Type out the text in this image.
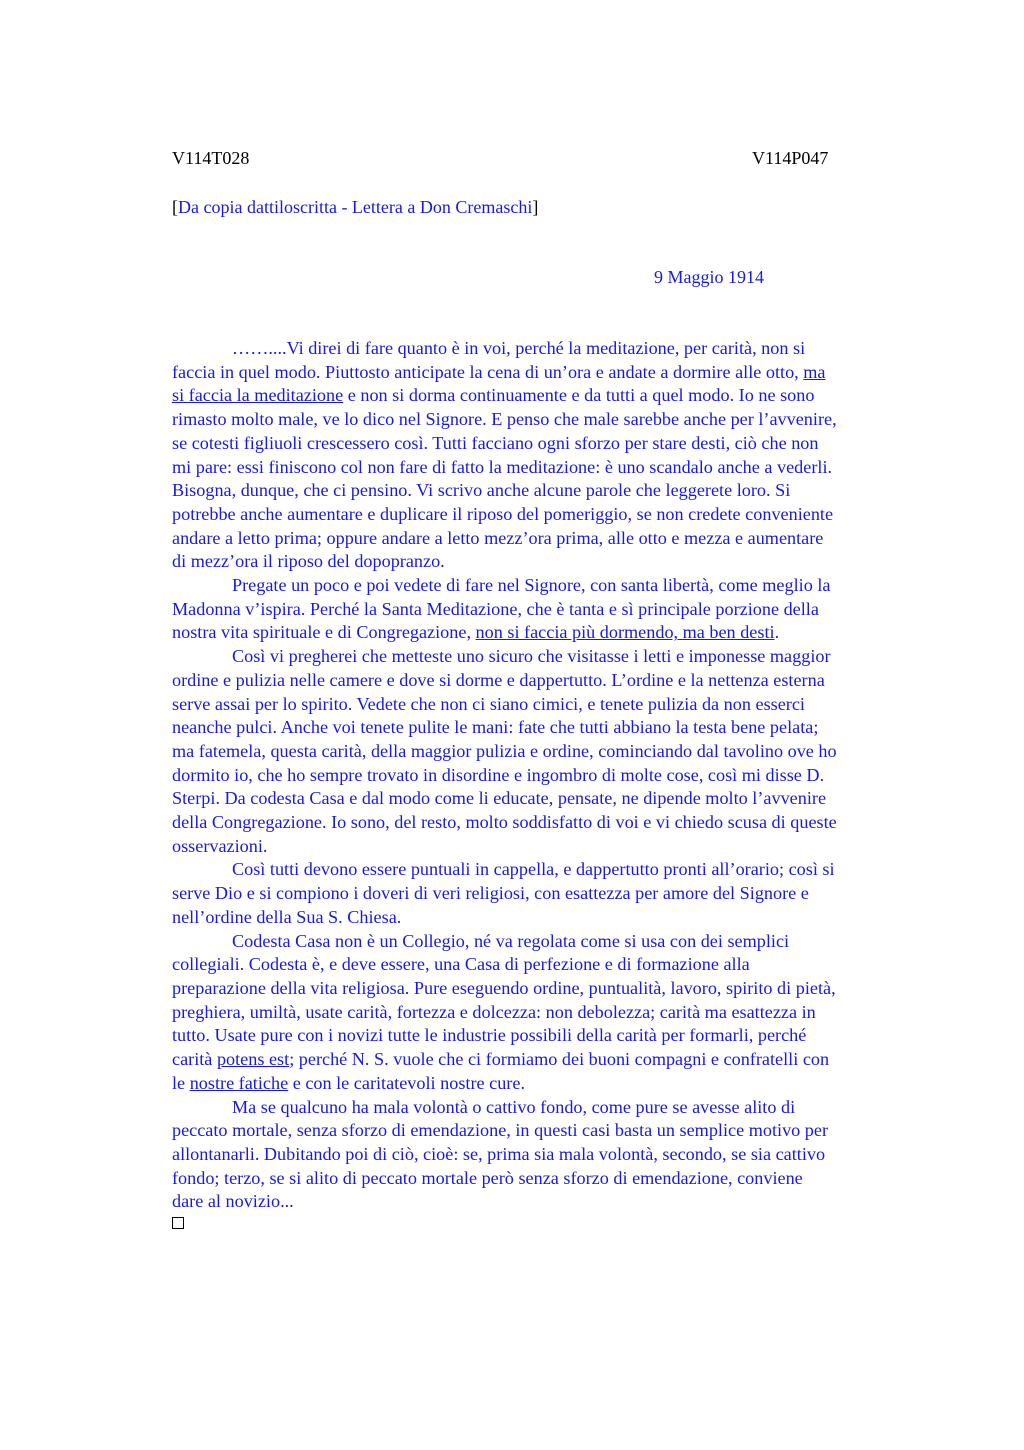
V114T028	V114P047
[Da copia dattiloscritta - Lettera a Don Cremaschi]
9 Maggio 1914
……....Vi direi di fare quanto è in voi, perché la meditazione, per carità, non si
faccia in quel modo. Piuttosto anticipate la cena di un’ora e andate a dormire alle otto, ma
si faccia la meditazione e non si dorma continuamente e da tutti a quel modo. Io ne sono
rimasto molto male, ve lo dico nel Signore. E penso che male sarebbe anche per l’avvenire,
se cotesti figliuoli crescessero così. Tutti facciano ogni sforzo per stare desti, ciò che non
mi pare: essi finiscono col non fare di fatto la meditazione: è uno scandalo anche a vederli.
Bisogna, dunque, che ci pensino. Vi scrivo anche alcune parole che leggerete loro. Si
potrebbe anche aumentare e duplicare il riposo del pomeriggio, se non credete conveniente
andare a letto prima; oppure andare a letto mezz’ora prima, alle otto e mezza e aumentare
di mezz’ora il riposo del dopopranzo.
Pregate un poco e poi vedete di fare nel Signore, con santa libertà, come meglio la
Madonna v’ispira. Perché la Santa Meditazione, che è tanta e sì principale porzione della
nostra vita spirituale e di Congregazione, non si faccia più dormendo, ma ben desti.
Così vi pregherei che metteste uno sicuro che visitasse i letti e imponesse maggior
ordine e pulizia nelle camere e dove si dorme e dappertutto. L’ordine e la nettenza esterna
serve assai per lo spirito. Vedete che non ci siano cimici, e tenete pulizia da non esserci
neanche pulci. Anche voi tenete pulite le mani: fate che tutti abbiano la testa bene pelata;
ma fatemela, questa carità, della maggior pulizia e ordine, cominciando dal tavolino ove ho
dormito io, che ho sempre trovato in disordine e ingombro di molte cose, così mi disse D.
Sterpi. Da codesta Casa e dal modo come li educate, pensate, ne dipende molto l’avvenire
della Congregazione. Io sono, del resto, molto soddisfatto di voi e vi chiedo scusa di queste
osservazioni.
Così tutti devono essere puntuali in cappella, e dappertutto pronti all’orario; così si
serve Dio e si compiono i doveri di veri religiosi, con esattezza per amore del Signore e
nell’ordine della Sua S. Chiesa.
Codesta Casa non è un Collegio, né va regolata come si usa con dei semplici
collegiali. Codesta è, e deve essere, una Casa di perfezione e di formazione alla
preparazione della vita religiosa. Pure eseguendo ordine, puntualità, lavoro, spirito di pietà,
preghiera, umiltà, usate carità, fortezza e dolcezza: non debolezza; carità ma esattezza in
tutto. Usate pure con i novizi tutte le industrie possibili della carità per formarli, perché
carità potens est; perché N. S. vuole che ci formiamo dei buoni compagni e confratelli con
le nostre fatiche e con le caritatevoli nostre cure.
Ma se qualcuno ha mala volontà o cattivo fondo, come pure se avesse alito di
peccato mortale, senza sforzo di emendazione, in questi casi basta un semplice motivo per
allontanarli. Dubitando poi di ciò, cioè: se, prima sia mala volontà, secondo, se sia cattivo
fondo; terzo, se si alito di peccato mortale però senza sforzo di emendazione, conviene
dare al novizio...
